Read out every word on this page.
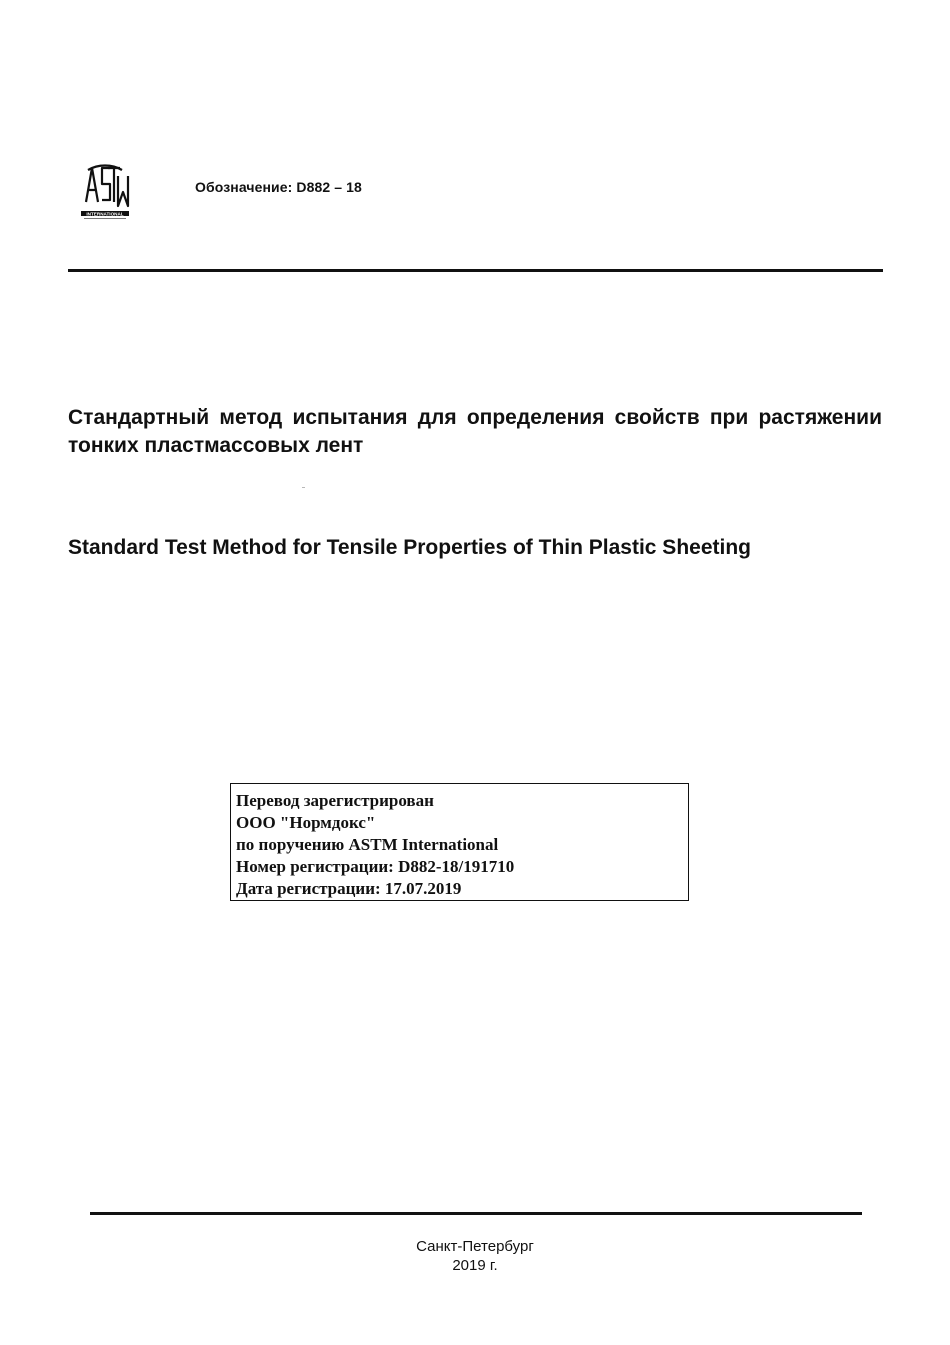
INTERNATIONAL
Обозначение: D882 – 18
Стандартный метод испытания для определения свойств при растяжении тонких пластмассовых лент
Standard Test Method for Tensile Properties of Thin Plastic Sheeting
Перевод зарегистрирован
ООО "Нормдокс"
по поручению ASTM International
Номер регистрации: D882-18/191710
Дата регистрации: 17.07.2019
Санкт-Петербург
2019 г.
